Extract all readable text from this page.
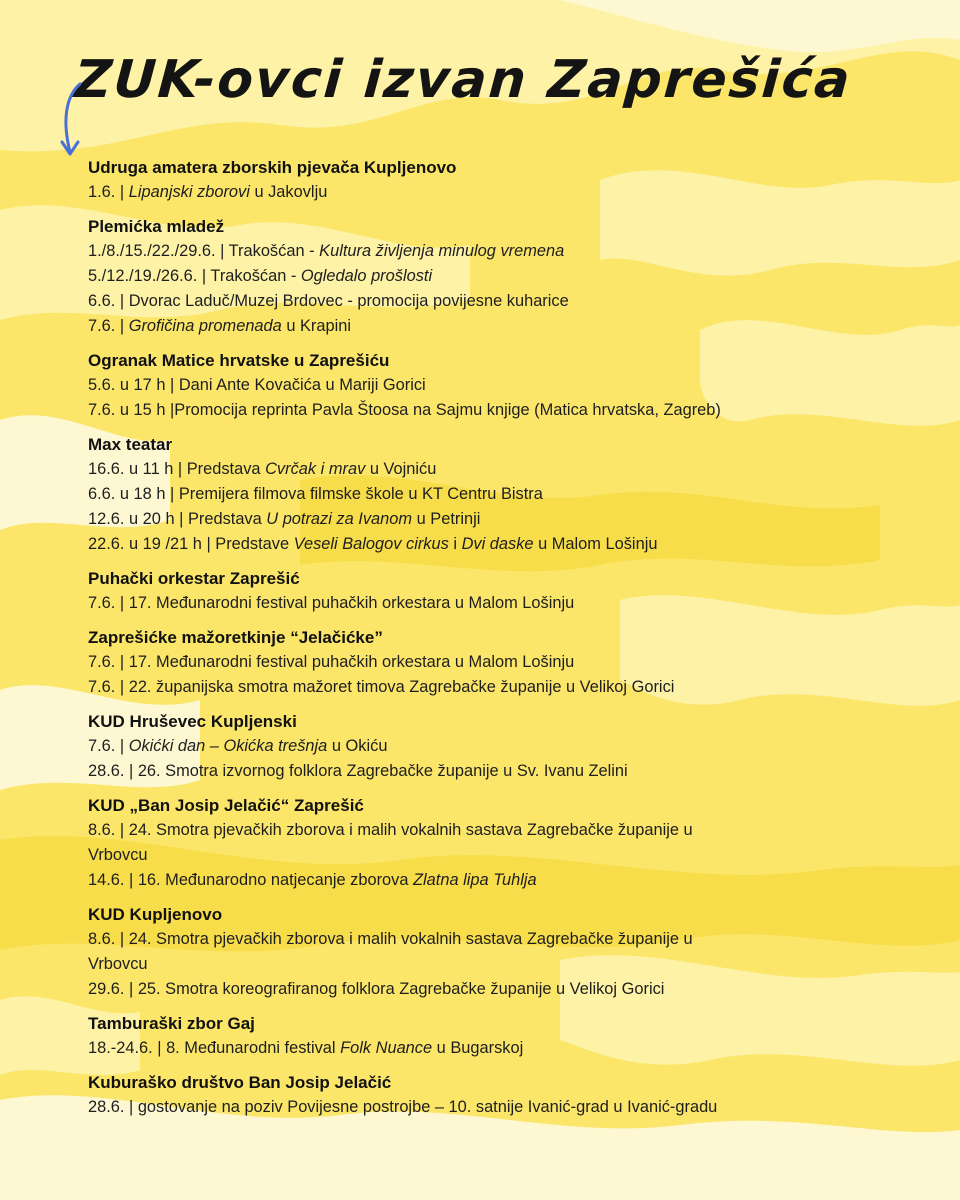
ZUK-ovci izvan Zaprešića
Udruga amatera zborskih pjevača Kupljenovo
1.6. | Lipanjski zborovi u Jakovlju
Plemićka mladež
1./8./15./22./29.6. | Trakošćan - Kultura življenja minulog vremena
5./12./19./26.6. | Trakošćan - Ogledalo prošlosti
6.6. | Dvorac Laduč/Muzej Brdovec - promocija povijesne kuharice
7.6. | Grofičina promenada u Krapini
Ogranak Matice hrvatske u Zaprešiću
5.6. u 17 h | Dani Ante Kovačića u Mariji Gorici
7.6. u 15 h |Promocija reprinta Pavla Štoosa na Sajmu knjige (Matica hrvatska, Zagreb)
Max teatar
16.6. u 11 h | Predstava Cvrčak i mrav u Vojniću
6.6. u 18 h | Premijera filmova filmske škole u KT Centru Bistra
12.6. u 20 h | Predstava U potrazi za Ivanom u Petrinji
22.6. u 19 /21 h | Predstave Veseli Balogov cirkus i Dvi daske u Malom Lošinju
Puhački orkestar Zaprešić
7.6. | 17. Međunarodni festival puhačkih orkestara u Malom Lošinju
Zaprešićke mažoretkinje “Jelačićke”
7.6. | 17. Međunarodni festival puhačkih orkestara u Malom Lošinju
7.6. | 22. županijska smotra mažoret timova Zagrebačke županije u Velikoj Gorici
KUD Hruševec Kupljenski
7.6. | Okićki dan – Okićka trešnja u Okiću
28.6. | 26. Smotra izvornog folklora Zagrebačke županije u Sv. Ivanu Zelini
KUD „Ban Josip Jelačić“ Zaprešić
8.6. | 24. Smotra pjevačkih zborova i malih vokalnih sastava Zagrebačke županije u
Vrbovcu
14.6. | 16. Međunarodno natjecanje zborova Zlatna lipa Tuhlja
KUD Kupljenovo
8.6. | 24. Smotra pjevačkih zborova i malih vokalnih sastava Zagrebačke županije u
Vrbovcu
29.6. | 25. Smotra koreografiranog folklora Zagrebačke županije u Velikoj Gorici
Tamburaški zbor Gaj
18.-24.6. | 8. Međunarodni festival Folk Nuance u Bugarskoj
Kuburaško društvo Ban Josip Jelačić
28.6. | gostovanje na poziv Povijesne postrojbe – 10. satnije Ivanić-grad u Ivanić-gradu
